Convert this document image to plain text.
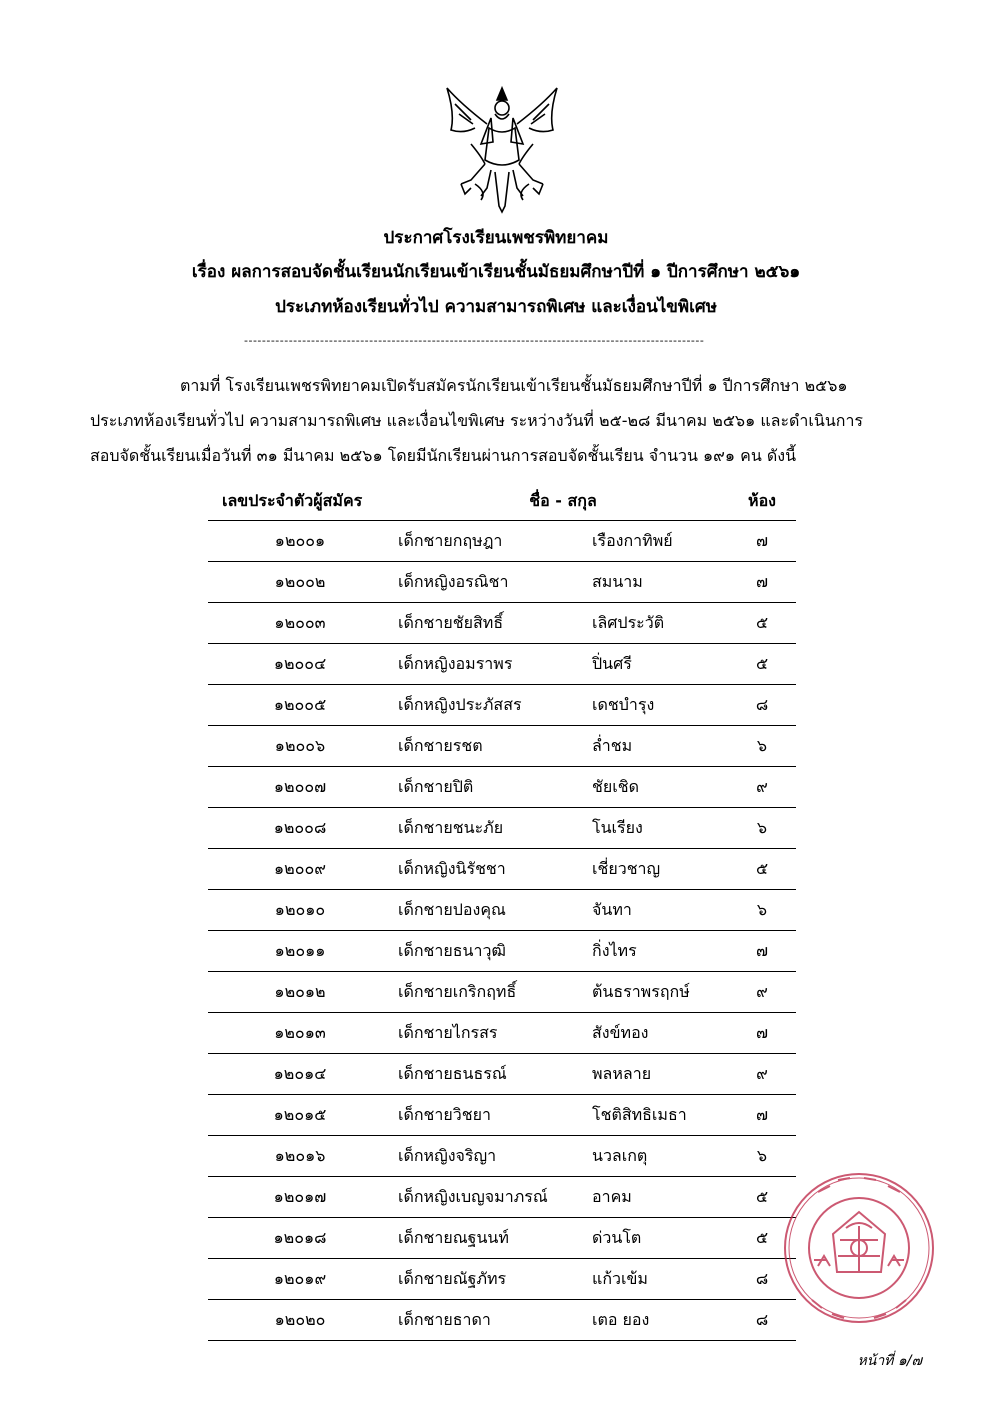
ประกาศโรงเรียนเพชรพิทยาคม
เรื่อง ผลการสอบจัดชั้นเรียนนักเรียนเข้าเรียนชั้นมัธยมศึกษาปีที่ ๑ ปีการศึกษา ๒๕๖๑
ประเภทห้องเรียนทั่วไป ความสามารถพิเศษ และเงื่อนไขพิเศษ
-------------------------------------------------------------------------------------------------------
ตามที่ โรงเรียนเพชรพิทยาคมเปิดรับสมัครนักเรียนเข้าเรียนชั้นมัธยมศึกษาปีที่ ๑ ปีการศึกษา ๒๕๖๑
ประเภทห้องเรียนทั่วไป ความสามารถพิเศษ และเงื่อนไขพิเศษ ระหว่างวันที่ ๒๕-๒๘ มีนาคม ๒๕๖๑ และดำเนินการ
สอบจัดชั้นเรียนเมื่อวันที่ ๓๑ มีนาคม ๒๕๖๑ โดยมีนักเรียนผ่านการสอบจัดชั้นเรียน จำนวน ๑๙๑ คน ดังนี้
เลขประจำตัวผู้สมัคร	ชื่อ - สกุล	ห้อง
๑๒๐๐๑	เด็กชายกฤษฎา	เรืองกาทิพย์	๗
๑๒๐๐๒	เด็กหญิงอรณิชา	สมนาม	๗
๑๒๐๐๓	เด็กชายชัยสิทธิ์	เลิศประวัติ	๕
๑๒๐๐๔	เด็กหญิงอมราพร	ปิ่นศรี	๕
๑๒๐๐๕	เด็กหญิงประภัสสร	เดชบำรุง	๘
๑๒๐๐๖	เด็กชายรชต	ล่ำชม	๖
๑๒๐๐๗	เด็กชายปิติ	ชัยเชิด	๙
๑๒๐๐๘	เด็กชายชนะภัย	โนเรียง	๖
๑๒๐๐๙	เด็กหญิงนิรัชชา	เชี่ยวชาญ	๕
๑๒๐๑๐	เด็กชายปองคุณ	จันทา	๖
๑๒๐๑๑	เด็กชายธนาวุฒิ	กิ่งไทร	๗
๑๒๐๑๒	เด็กชายเกริกฤทธิ์	ต้นธราพรฤกษ์	๙
๑๒๐๑๓	เด็กชายไกรสร	สังข์ทอง	๗
๑๒๐๑๔	เด็กชายธนธรณ์	พลหลาย	๙
๑๒๐๑๕	เด็กชายวิชยา	โชติสิทธิเมธา	๗
๑๒๐๑๖	เด็กหญิงจริญา	นวลเกตุ	๖
๑๒๐๑๗	เด็กหญิงเบญจมาภรณ์	อาคม	๕
๑๒๐๑๘	เด็กชายณฐนนท์	ด่วนโต	๕
๑๒๐๑๙	เด็กชายณัฐภัทร	แก้วเข้ม	๘
๑๒๐๒๐	เด็กชายธาดา	เตอ ยอง	๘
หน้าที่ ๑/๗
